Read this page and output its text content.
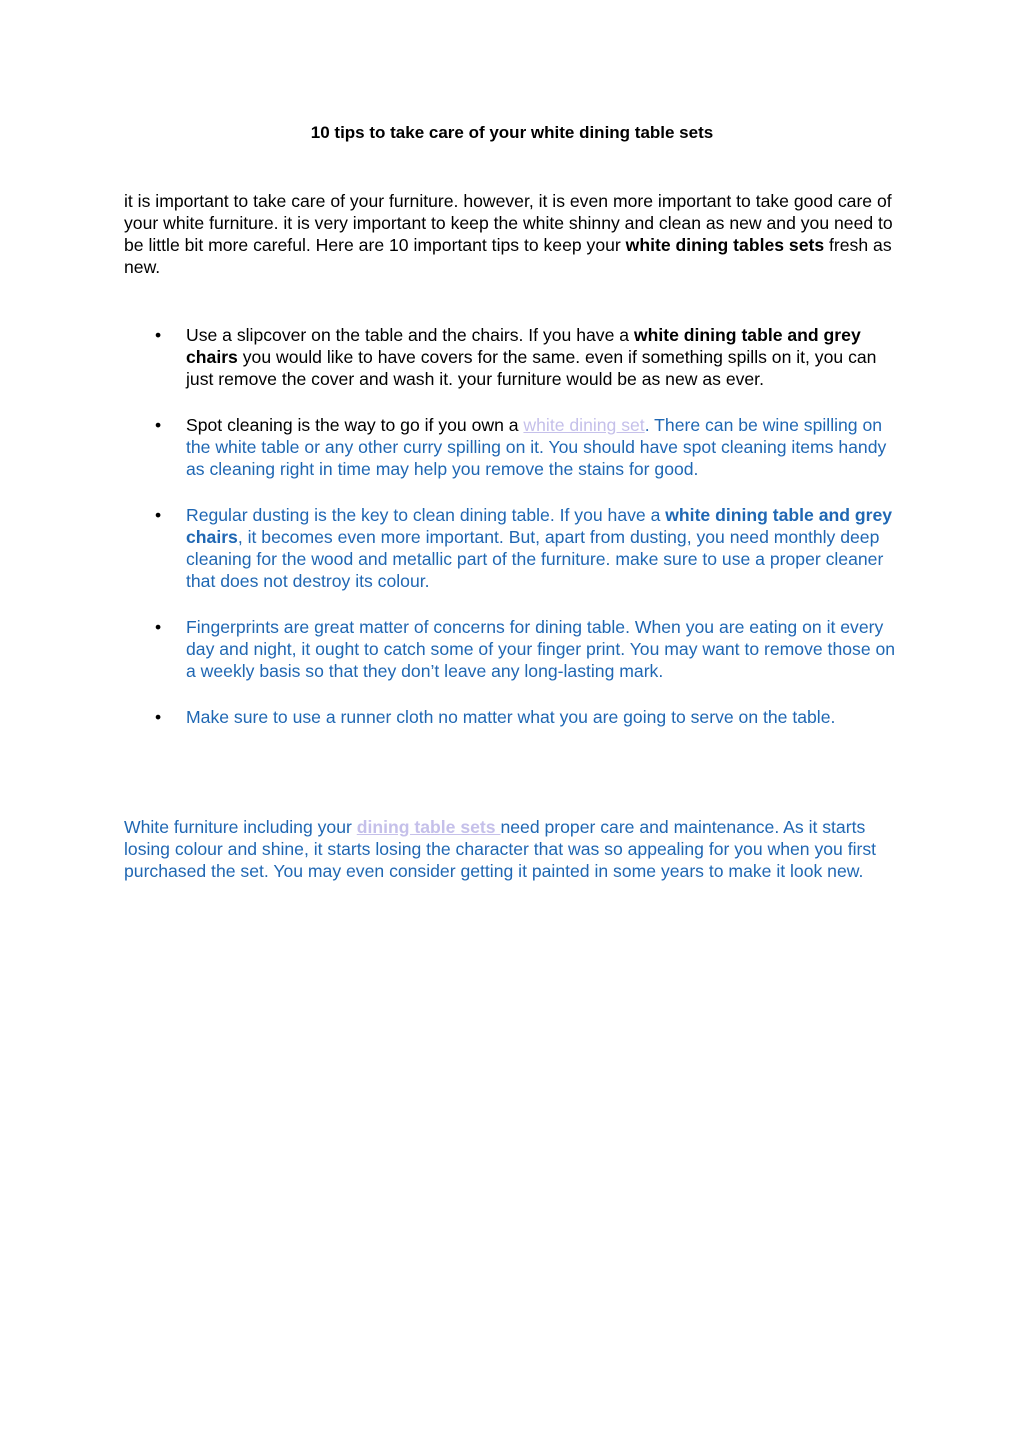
10 tips to take care of your white dining table sets

it is important to take care of your furniture. however, it is even more important to take good care of your white furniture. it is very important to keep the white shinny and clean as new and you need to be little bit more careful. Here are 10 important tips to keep your white dining tables sets fresh as new.

• Use a slipcover on the table and the chairs. If you have a white dining table and grey chairs you would like to have covers for the same. even if something spills on it, you can just remove the cover and wash it. your furniture would be as new as ever.
• Spot cleaning is the way to go if you own a white dining set. There can be wine spilling on the white table or any other curry spilling on it. You should have spot cleaning items handy as cleaning right in time may help you remove the stains for good.
• Regular dusting is the key to clean dining table. If you have a white dining table and grey chairs, it becomes even more important. But, apart from dusting, you need monthly deep cleaning for the wood and metallic part of the furniture. make sure to use a proper cleaner that does not destroy its colour.
• Fingerprints are great matter of concerns for dining table. When you are eating on it every day and night, it ought to catch some of your finger print. You may want to remove those on a weekly basis so that they don’t leave any long-lasting mark.
• Make sure to use a runner cloth no matter what you are going to serve on the table.

White furniture including your dining table sets need proper care and maintenance. As it starts losing colour and shine, it starts losing the character that was so appealing for you when you first purchased the set. You may even consider getting it painted in some years to make it look new.
